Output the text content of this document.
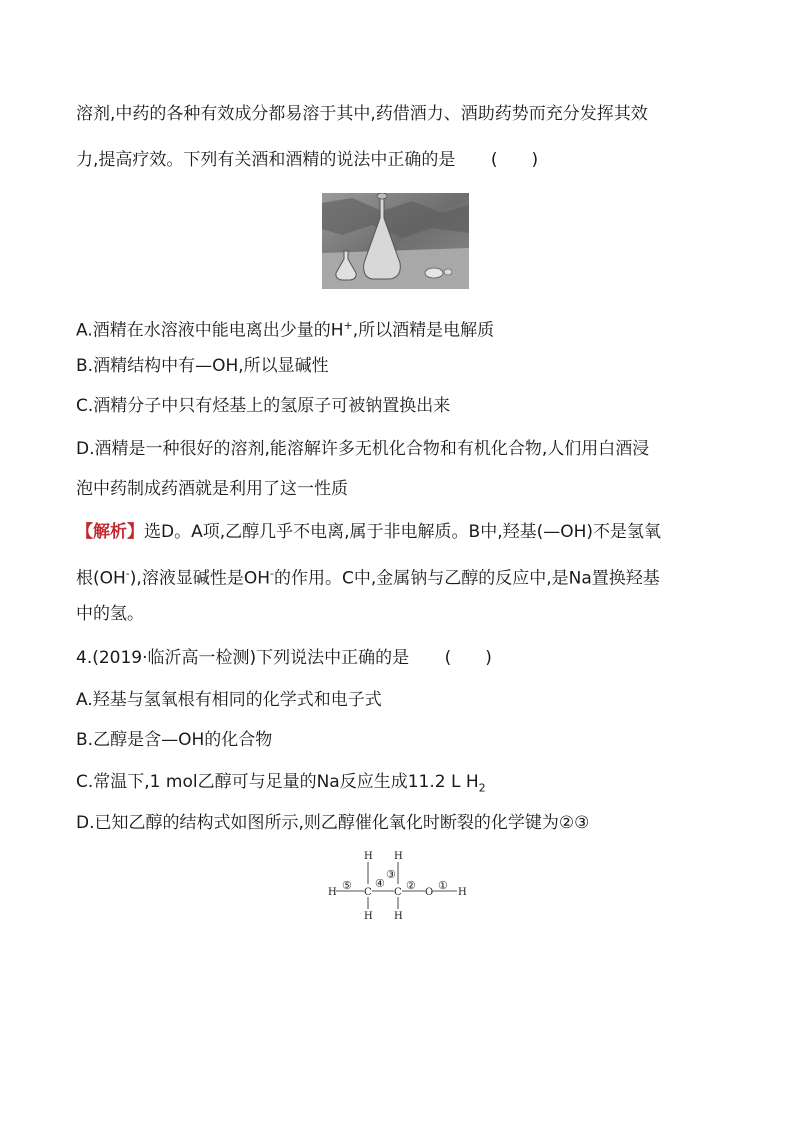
溶剂,中药的各种有效成分都易溶于其中,药借酒力、酒助药势而充分发挥其效
力,提高疗效。下列有关酒和酒精的说法中正确的是 (　　)
A.酒精在水溶液中能电离出少量的H+,所以酒精是电解质
B.酒精结构中有—OH,所以显碱性
C.酒精分子中只有烃基上的氢原子可被钠置换出来
D.酒精是一种很好的溶剂,能溶解许多无机化合物和有机化合物,人们用白酒浸
泡中药制成药酒就是利用了这一性质
【解析】选D。A项,乙醇几乎不电离,属于非电解质。B中,羟基(—OH)不是氢氧
根(OH-),溶液显碱性是OH-的作用。C中,金属钠与乙醇的反应中,是Na置换羟基
中的氢。
4.(2019·临沂高一检测)下列说法中正确的是 (　　)
A.羟基与氢氧根有相同的化学式和电子式
B.乙醇是含—OH的化合物
C.常温下,1 mol乙醇可与足量的Na反应生成11.2 L $H_2$
D.已知乙醇的结构式如图所示,则乙醇催化氧化时断裂的化学键为②③
H
H
H
C C O
H
H
H
⑤ ④
③
② ①
